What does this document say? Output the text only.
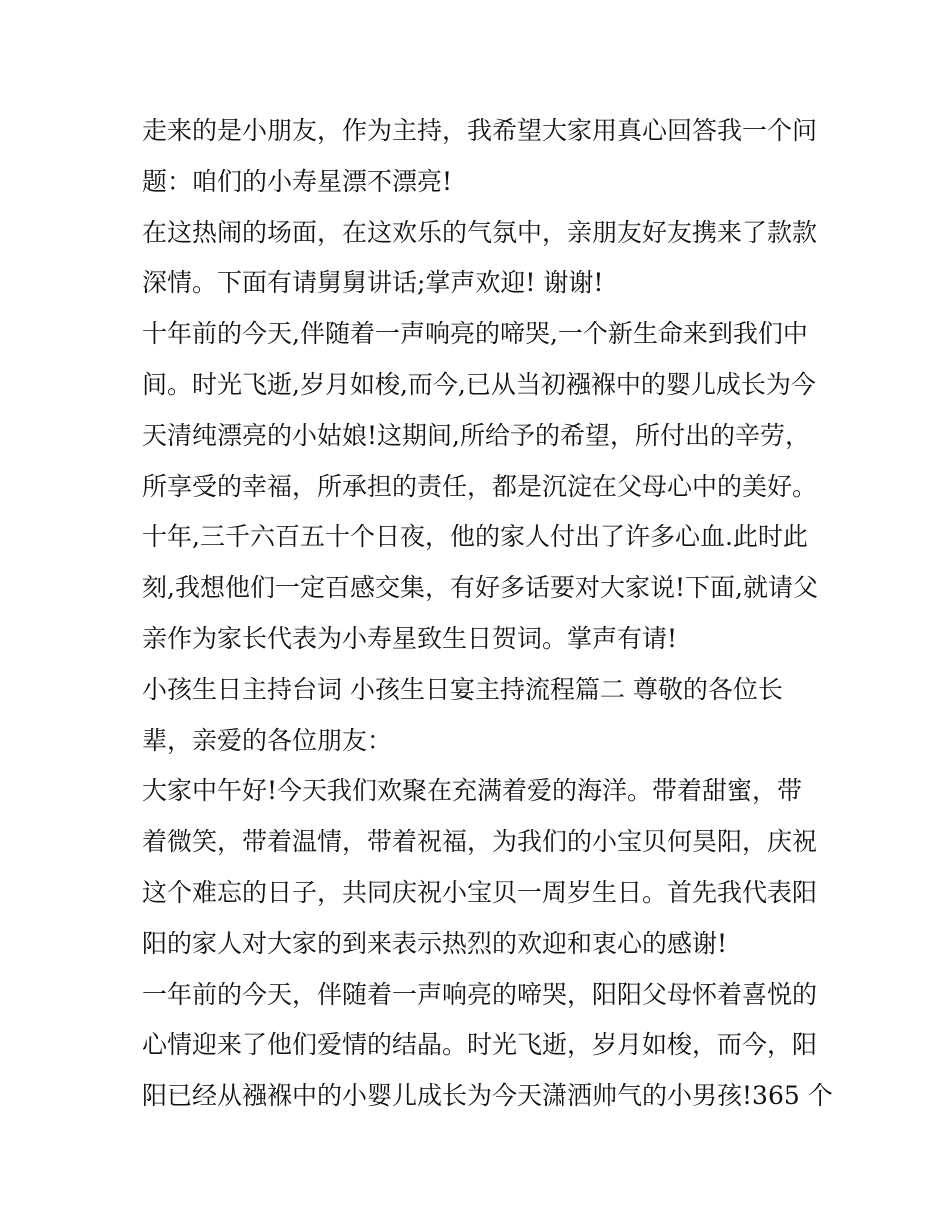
走来的是小朋友，作为主持，我希望大家用真心回答我一个问

题：咱们的小寿星漂不漂亮!

在这热闹的场面，在这欢乐的气氛中，亲朋友好友携来了款款

深情。下面有请舅舅讲话;掌声欢迎! 谢谢!

十年前的今天,伴随着一声响亮的啼哭,一个新生命来到我们中

间。时光飞逝,岁月如梭,而今,已从当初襁褓中的婴儿成长为今

天清纯漂亮的小姑娘!这期间,所给予的希望，所付出的辛劳，

所享受的幸福，所承担的责任，都是沉淀在父母心中的美好。

十年,三千六百五十个日夜，他的家人付出了许多心血.此时此

刻,我想他们一定百感交集，有好多话要对大家说!下面,就请父

亲作为家长代表为小寿星致生日贺词。掌声有请!

小孩生日主持台词 小孩生日宴主持流程篇二 尊敬的各位长

辈，亲爱的各位朋友：

大家中午好!今天我们欢聚在充满着爱的海洋。带着甜蜜，带

着微笑，带着温情，带着祝福，为我们的小宝贝何昊阳，庆祝

这个难忘的日子，共同庆祝小宝贝一周岁生日。首先我代表阳

阳的家人对大家的到来表示热烈的欢迎和衷心的感谢!

一年前的今天，伴随着一声响亮的啼哭，阳阳父母怀着喜悦的

心情迎来了他们爱情的结晶。时光飞逝，岁月如梭，而今，阳

阳已经从襁褓中的小婴儿成长为今天潇洒帅气的小男孩!365 个
